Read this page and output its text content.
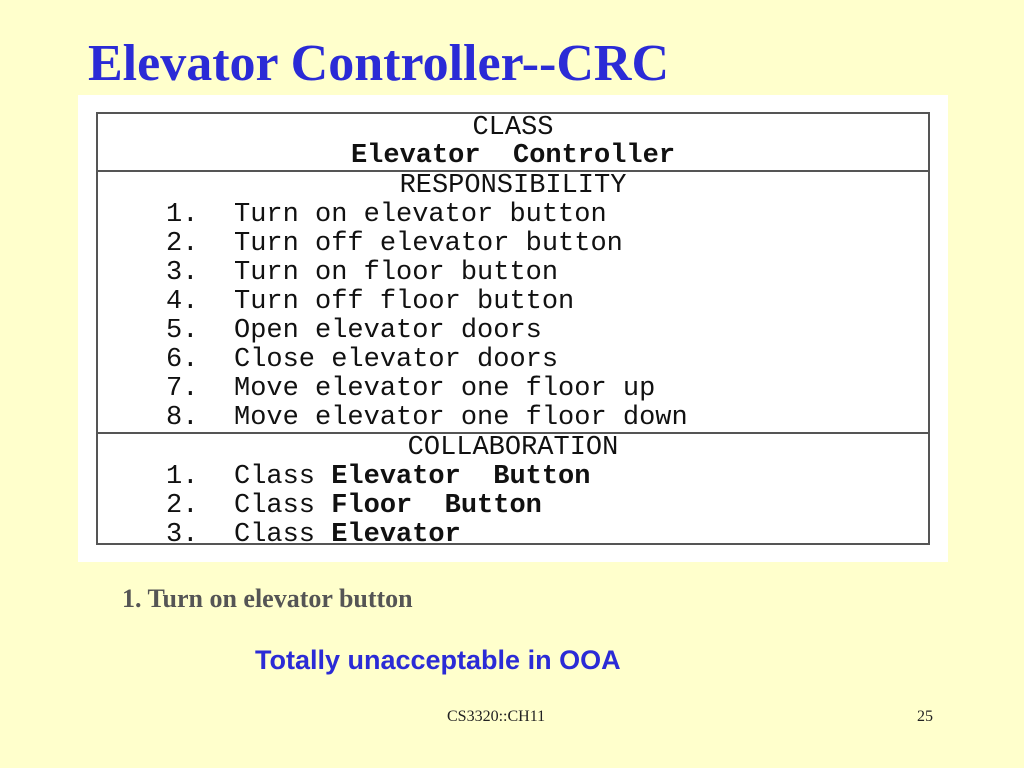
Elevator Controller--CRC
CLASS
Elevator  Controller
RESPONSIBILITY
1. Turn on elevator button
2. Turn off elevator button
3. Turn on floor button
4. Turn off floor button
5. Open elevator doors
6. Close elevator doors
7. Move elevator one floor up
8. Move elevator one floor down
COLLABORATION
1. Class Elevator  Button
2. Class Floor  Button
3. Class Elevator
1. Turn on elevator button
Totally unacceptable in OOA
CS3320::CH11	25
